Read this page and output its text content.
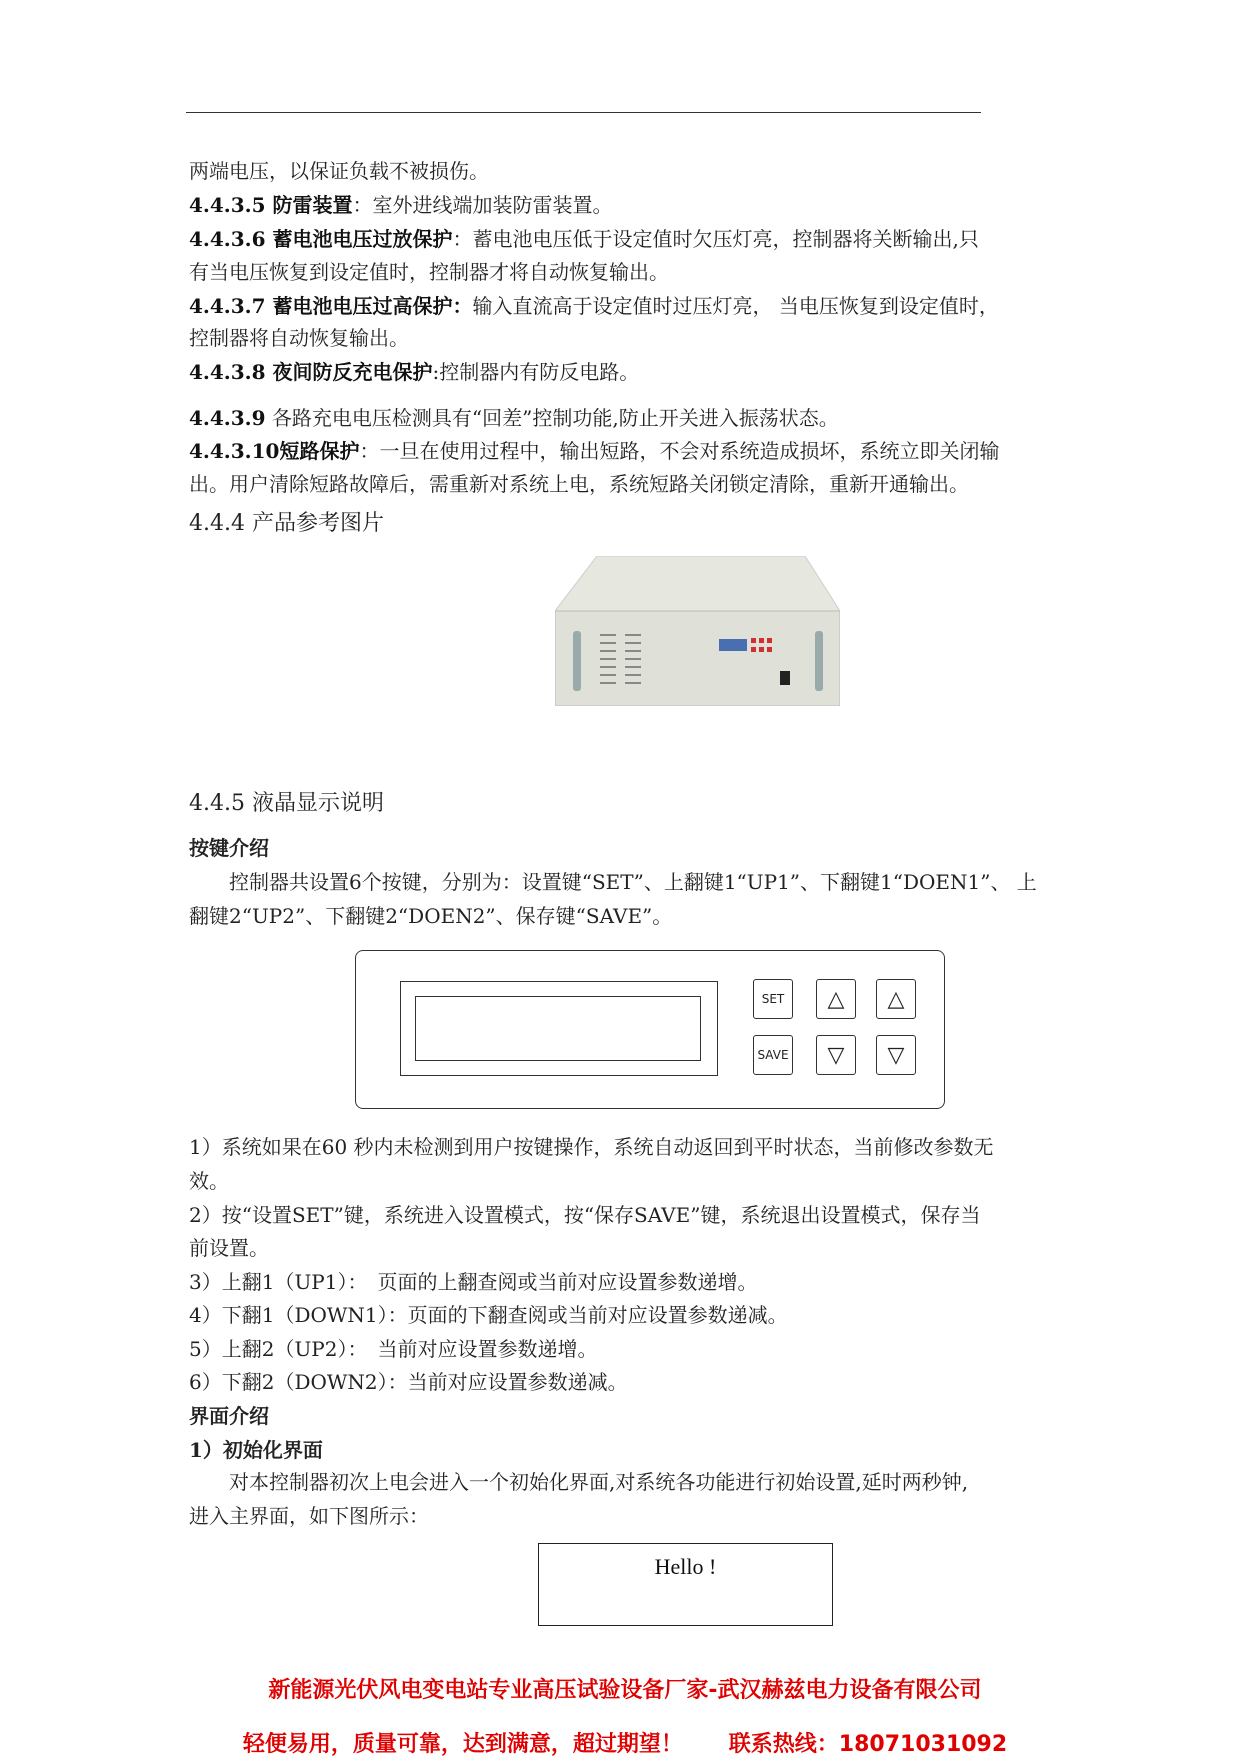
两端电压，以保证负载不被损伤。
4.4.3.5 防雷装置：室外进线端加装防雷装置。
4.4.3.6 蓄电池电压过放保护：蓄电池电压低于设定值时欠压灯亮，控制器将关断输出,只
有当电压恢复到设定值时，控制器才将自动恢复输出。
4.4.3.7 蓄电池电压过高保护：输入直流高于设定值时过压灯亮， 当电压恢复到设定值时，
控制器将自动恢复输出。
4.4.3.8 夜间防反充电保护:控制器内有防反电路。
4.4.3.9 各路充电电压检测具有“回差”控制功能,防止开关进入振荡状态。
4.4.3.10短路保护：一旦在使用过程中，输出短路，不会对系统造成损坏，系统立即关闭输
出。用户清除短路故障后，需重新对系统上电，系统短路关闭锁定清除，重新开通输出。
4.4.4 产品参考图片
4.4.5 液晶显示说明
按键介绍
　　控制器共设置6个按键，分别为：设置键“SET”、上翻键1“UP1”、下翻键1“DOEN1”、 上
翻键2“UP2”、下翻键2“DOEN2”、保存键“SAVE”。
SET
SAVE
△
▽
△
▽
1）系统如果在60 秒内未检测到用户按键操作，系统自动返回到平时状态，当前修改参数无
效。
2）按“设置SET”键，系统进入设置模式，按“保存SAVE”键，系统退出设置模式，保存当
前设置。
3）上翻1（UP1）：　页面的上翻查阅或当前对应设置参数递增。
4）下翻1（DOWN1）：页面的下翻查阅或当前对应设置参数递减。
5）上翻2（UP2）：　当前对应设置参数递增。
6）下翻2（DOWN2）：当前对应设置参数递减。
界面介绍
1）初始化界面
　　对本控制器初次上电会进入一个初始化界面,对系统各功能进行初始设置,延时两秒钟,
进入主界面，如下图所示：
Hello !
新能源光伏风电变电站专业高压试验设备厂家-武汉赫兹电力设备有限公司
轻便易用，质量可靠，达到满意，超过期望！      联系热线：18071031092
